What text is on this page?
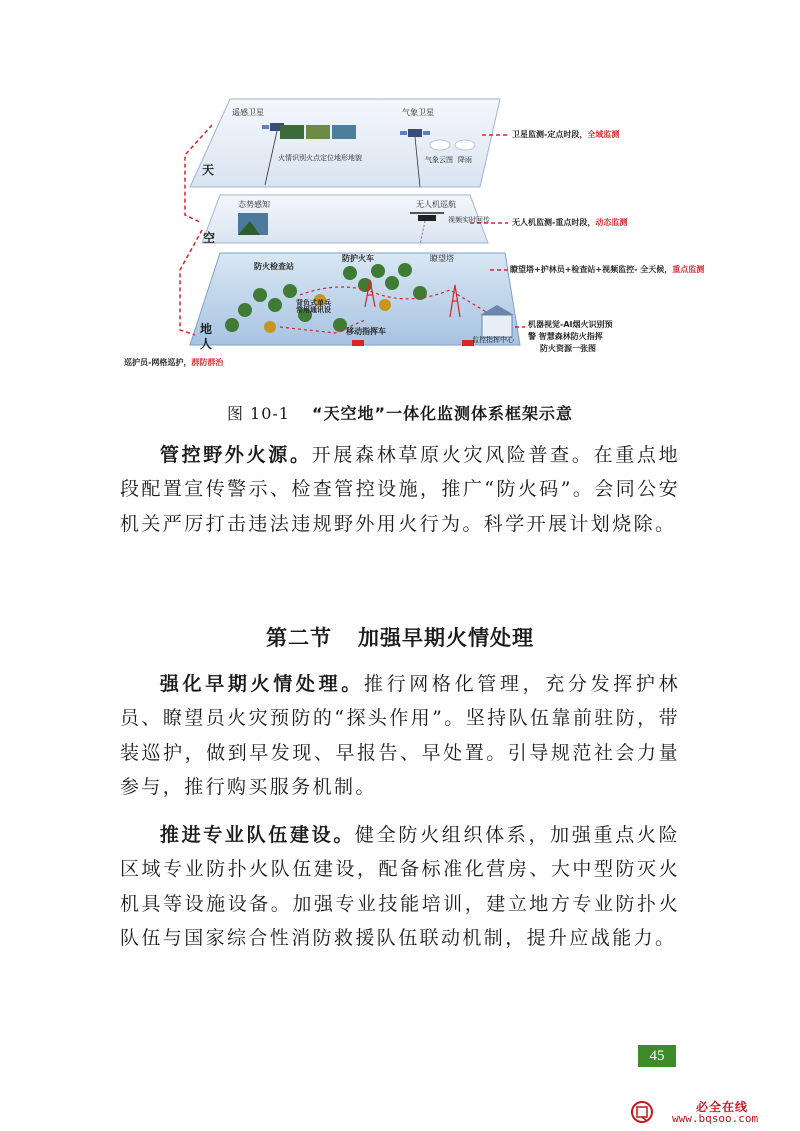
天
空
地
人
遥感卫星	气象卫星
火情识别火点定位地形地貌	气象云图 降雨
态势感知	无人机巡航
视频实时回传
防火检查站
防护火车	瞭望塔
背负式单兵 常用通讯设
移动指挥车
监控指挥中心
卫星监测-定点时段，全域监测
无人机监测-重点时段，动态监测
瞭望塔+护林员+检查站+视频监控- 全天候，重点监测
机器视觉-AI烟火识别预
警 智慧森林防火指挥
防火资源一张图
巡护员-网格巡护，群防群治
图 10-1 “天空地”一体化监测体系框架示意
管控野外火源。开展森林草原火灾风险普查。在重点地段配置宣传警示、检查管控设施，推广“防火码”。会同公安机关严厉打击违法违规野外用火行为。科学开展计划烧除。
第二节 加强早期火情处理
强化早期火情处理。推行网格化管理，充分发挥护林员、瞭望员火灾预防的“探头作用”。坚持队伍靠前驻防，带装巡护，做到早发现、早报告、早处置。引导规范社会力量参与，推行购买服务机制。
推进专业队伍建设。健全防火组织体系，加强重点火险区域专业防扑火队伍建设，配备标准化营房、大中型防灭火机具等设施设备。加强专业技能培训，建立地方专业防扑火队伍与国家综合性消防救援队伍联动机制，提升应战能力。
45
必全在线
www.bqsoo.com
